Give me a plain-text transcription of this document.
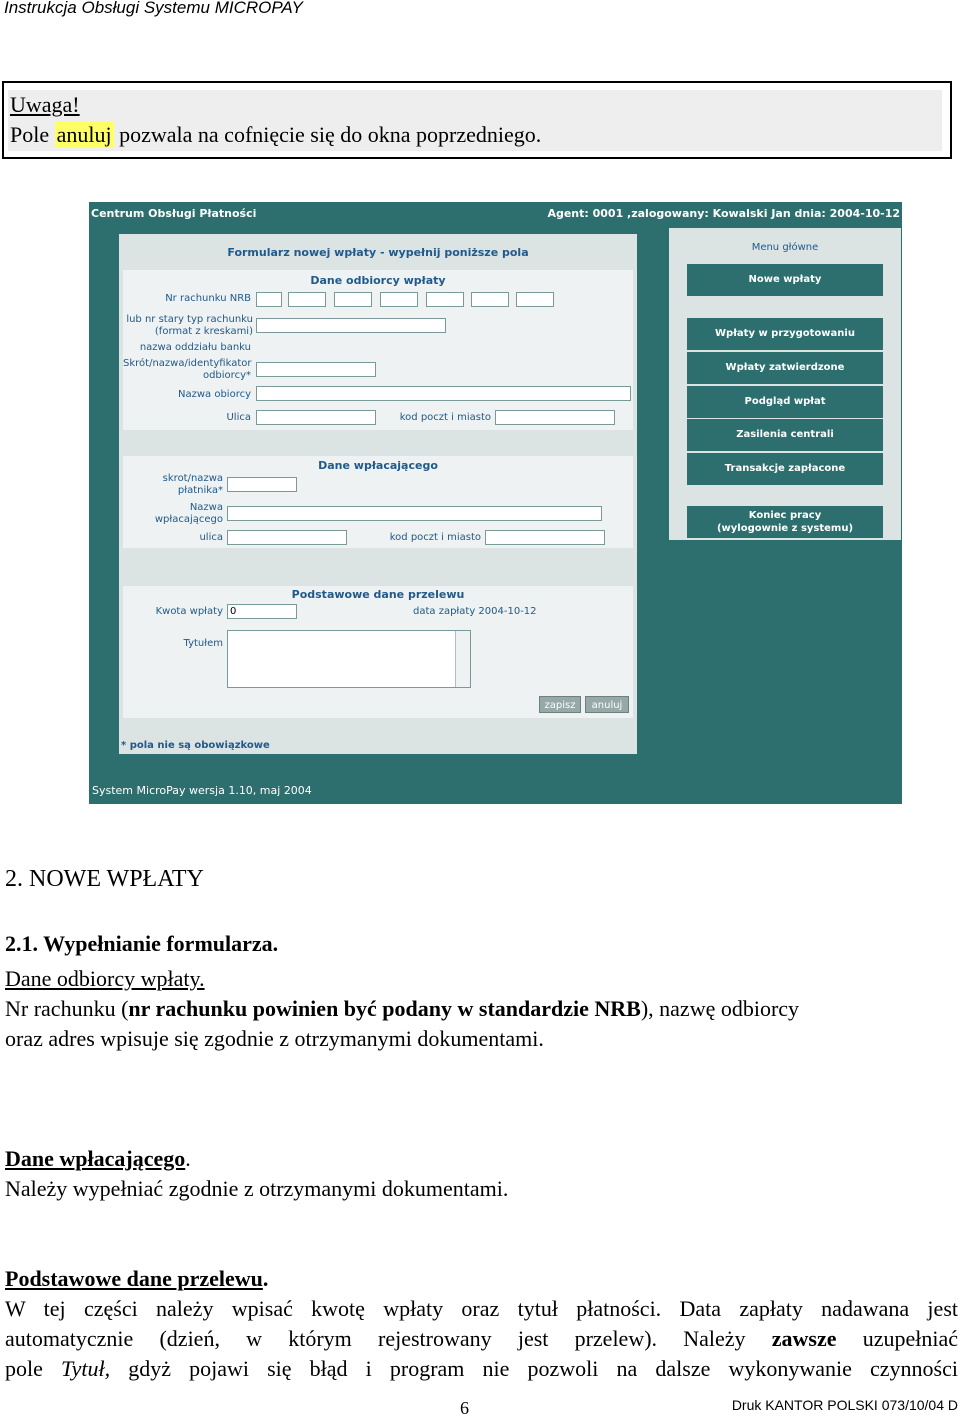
Instrukcja Obsługi Systemu MICROPAY
Uwaga!
Pole anuluj pozwala na cofnięcie się do okna poprzedniego.
Centrum Obsługi Płatności	Agent: 0001 ,zalogowany: Kowalski Jan dnia: 2004-10-12
Formularz nowej wpłaty - wypełnij poniższe pola
Dane odbiorcy wpłaty
Nr rachunku NRB
lub nr stary typ rachunku
(format z kreskami)
nazwa oddziału banku
Skrót/nazwa/identyfikator
odbiorcy*
Nazwa obiorcy
Ulica	kod poczt i miasto
Dane wpłacającego
skrot/nazwa
płatnika*
Nazwa
wpłacającego
ulica	kod poczt i miasto
Podstawowe dane przelewu
Kwota wpłaty 0	data zapłaty 2004-10-12
Tytułem
zapisz	anuluj
* pola nie są obowiązkowe
Menu główne
Nowe wpłaty
Wpłaty w przygotowaniu
Wpłaty zatwierdzone
Podgląd wpłat
Zasilenia centrali
Transakcje zapłacone
Koniec pracy
(wylogownie z systemu)
System MicroPay wersja 1.10, maj 2004
2. NOWE WPŁATY
2.1. Wypełnianie formularza.
Dane odbiorcy wpłaty.
Nr rachunku (nr rachunku powinien być podany w standardzie NRB), nazwę odbiorcy
oraz adres wpisuje się zgodnie z otrzymanymi dokumentami.
Dane wpłacającego.
Należy wypełniać zgodnie z otrzymanymi dokumentami.
Podstawowe dane przelewu.
W tej części należy wpisać kwotę wpłaty oraz tytuł płatności. Data zapłaty nadawana jest
automatycznie (dzień, w którym rejestrowany jest przelew). Należy zawsze uzupełniać
pole Tytuł, gdyż pojawi się błąd i program nie pozwoli na dalsze wykonywanie czynności
6	Druk KANTOR POLSKI 073/10/04 D
